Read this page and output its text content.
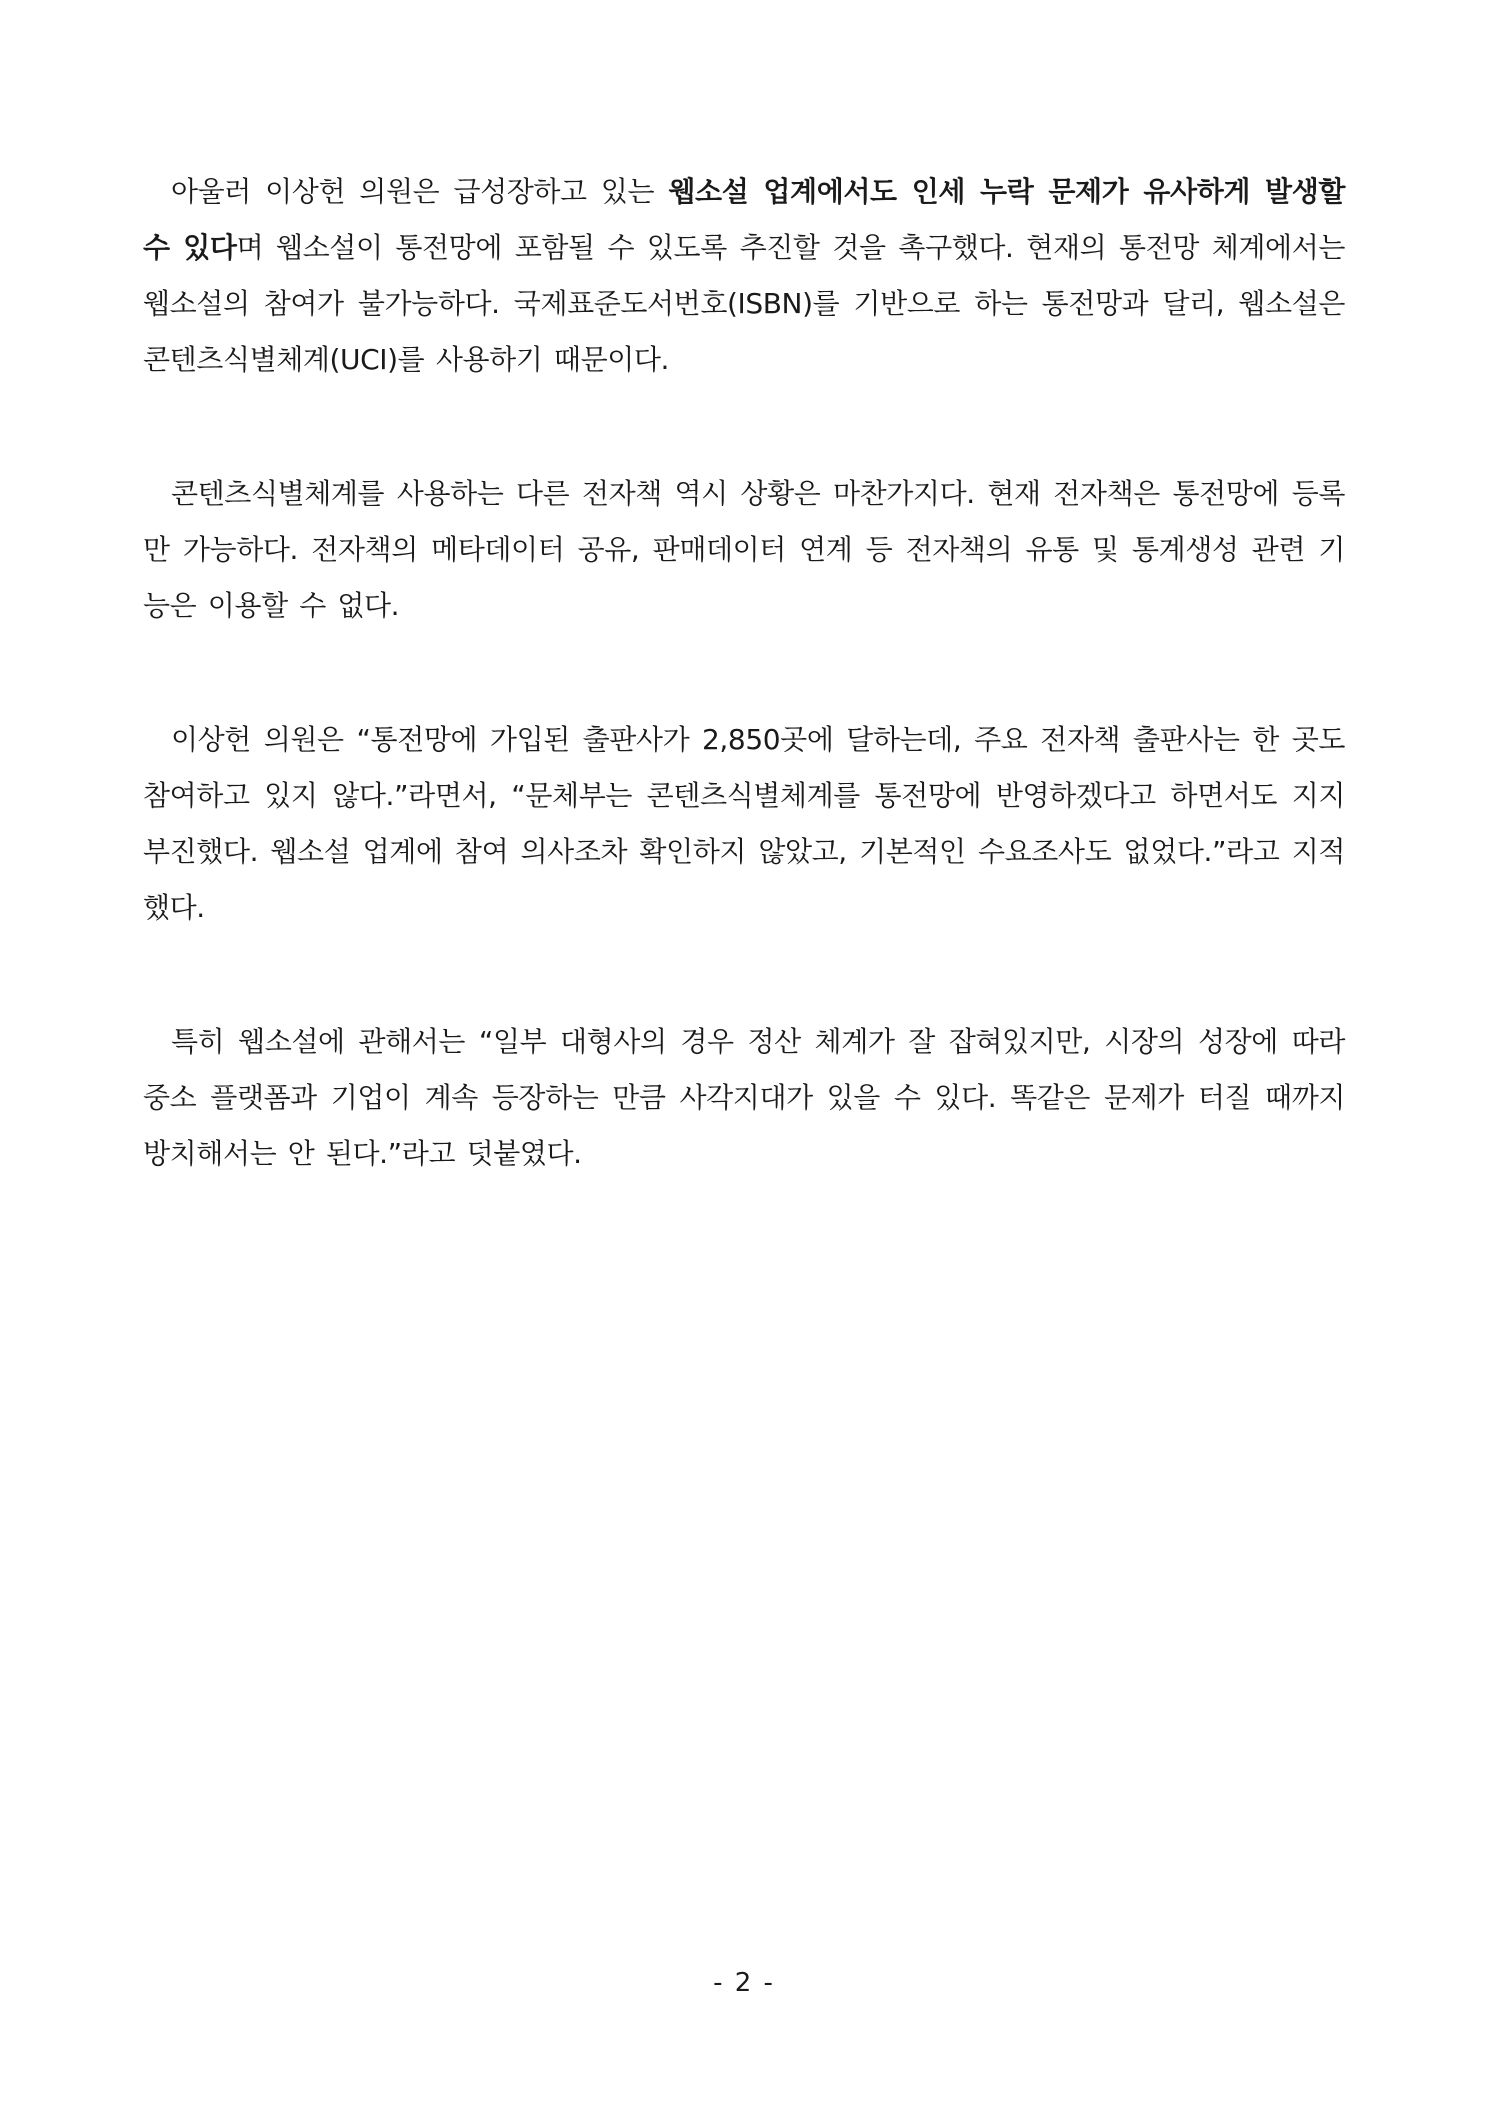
아울러 이상헌 의원은 급성장하고 있는 웹소설 업계에서도 인세 누락 문제가 유사하게 발생할 수 있다며 웹소설이 통전망에 포함될 수 있도록 추진할 것을 촉구했다. 현재의 통전망 체계에서는 웹소설의 참여가 불가능하다. 국제표준도서번호(ISBN)를 기반으로 하는 통전망과 달리, 웹소설은 콘텐츠식별체계(UCI)를 사용하기 때문이다.

콘텐츠식별체계를 사용하는 다른 전자책 역시 상황은 마찬가지다. 현재 전자책은 통전망에 등록만 가능하다. 전자책의 메타데이터 공유, 판매데이터 연계 등 전자책의 유통 및 통계생성 관련 기능은 이용할 수 없다.

이상헌 의원은 “통전망에 가입된 출판사가 2,850곳에 달하는데, 주요 전자책 출판사는 한 곳도 참여하고 있지 않다.”라면서, “문체부는 콘텐츠식별체계를 통전망에 반영하겠다고 하면서도 지지부진했다. 웹소설 업계에 참여 의사조차 확인하지 않았고, 기본적인 수요조사도 없었다.”라고 지적했다.

특히 웹소설에 관해서는 “일부 대형사의 경우 정산 체계가 잘 잡혀있지만, 시장의 성장에 따라 중소 플랫폼과 기업이 계속 등장하는 만큼 사각지대가 있을 수 있다. 똑같은 문제가 터질 때까지 방치해서는 안 된다.”라고 덧붙였다.

- 2 -
